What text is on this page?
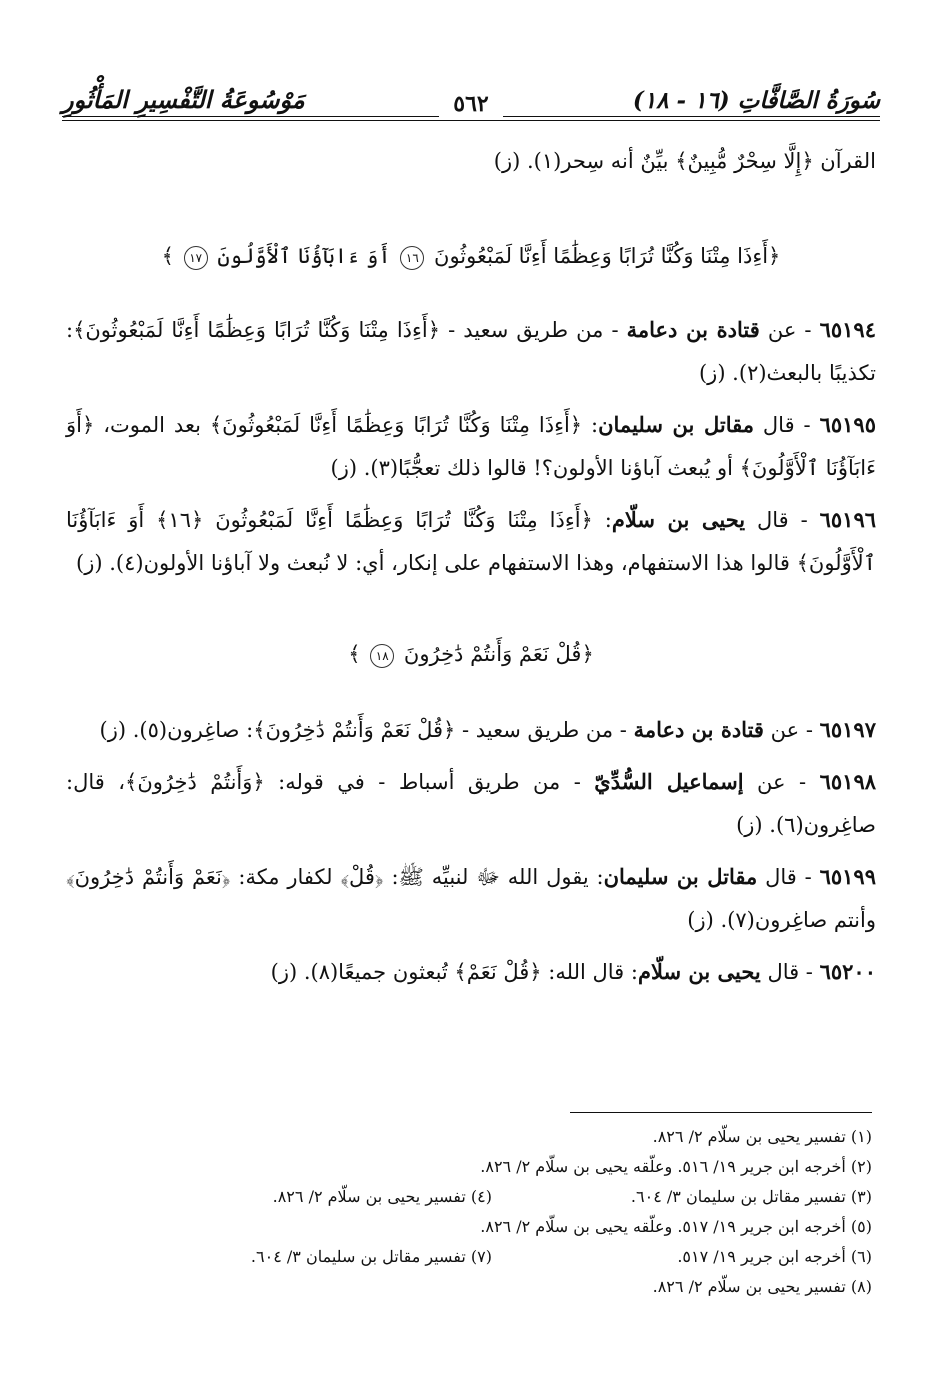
سُورَةُ الصَّافَّاتِ (١٦ - ١٨)
مَوْسُوعَةُ التَّفْسِيرِ المَأْثُورِ	٥٦٢

القرآن ﴿إِلَّا سِحْرٌ مُّبِينٌ﴾ بيِّنٌ أنه سِحر(١). (ز)

﴿أَءِذَا مِتْنَا وَكُنَّا تُرَابًا وَعِظَٰمًا أَءِنَّا لَمَبْعُوثُونَ ١٦ أَوَ ءَابَآؤُنَا ٱلْأَوَّلُونَ ١٧ ﴾

٦٥١٩٤ - عن قتادة بن دعامة - من طريق سعيد - ﴿أَءِذَا مِتْنَا وَكُنَّا تُرَابًا وَعِظَٰمًا أَءِنَّا لَمَبْعُوثُونَ﴾: تكذيبًا بالبعث(٢). (ز)

٦٥١٩٥ - قال مقاتل بن سليمان: ﴿أَءِذَا مِتْنَا وَكُنَّا تُرَابًا وَعِظَٰمًا أَءِنَّا لَمَبْعُوثُونَ﴾ بعد الموت، ﴿أَوَ ءَابَآؤُنَا ٱلْأَوَّلُونَ﴾ أو يُبعث آباؤنا الأولون؟! قالوا ذلك تعجُّبًا(٣). (ز)

٦٥١٩٦ - قال يحيى بن سلّام: ﴿أَءِذَا مِتْنَا وَكُنَّا تُرَابًا وَعِظَٰمًا أَءِنَّا لَمَبْعُوثُونَ ﴿١٦﴾ أَوَ ءَابَآؤُنَا ٱلْأَوَّلُونَ﴾ قالوا هذا الاستفهام، وهذا الاستفهام على إنكار، أي: لا نُبعث ولا آباؤنا الأولون(٤). (ز)

﴿قُلْ نَعَمْ وَأَنتُمْ دَٰخِرُونَ ١٨ ﴾

٦٥١٩٧ - عن قتادة بن دعامة - من طريق سعيد - ﴿قُلْ نَعَمْ وَأَنتُمْ دَٰخِرُونَ﴾: صاغِرون(٥). (ز)

٦٥١٩٨ - عن إسماعيل السُّدِّيّ - من طريق أسباط - في قوله: ﴿وَأَنتُمْ دَٰخِرُونَ﴾، قال: صاغِرون(٦). (ز)

٦٥١٩٩ - قال مقاتل بن سليمان: يقول الله ﷻ لنبيِّه ﷺ: ﴿قُلْ﴾ لكفار مكة: ﴿نَعَمْ وَأَنتُمْ دَٰخِرُونَ﴾ وأنتم صاغِرون(٧). (ز)

٦٥٢٠٠ - قال يحيى بن سلّام: قال الله: ﴿قُلْ نَعَمْ﴾ تُبعثون جميعًا(٨). (ز)

(١) تفسير يحيى بن سلّام ٢/ ٨٢٦.
(٢) أخرجه ابن جرير ١٩/ ٥١٦. وعلّقه يحيى بن سلّام ٢/ ٨٢٦.
(٣) تفسير مقاتل بن سليمان ٣/ ٦٠٤.
(٤) تفسير يحيى بن سلّام ٢/ ٨٢٦.
(٥) أخرجه ابن جرير ١٩/ ٥١٧. وعلّقه يحيى بن سلّام ٢/ ٨٢٦.
(٦) أخرجه ابن جرير ١٩/ ٥١٧.
(٧) تفسير مقاتل بن سليمان ٣/ ٦٠٤.
(٨) تفسير يحيى بن سلّام ٢/ ٨٢٦.
